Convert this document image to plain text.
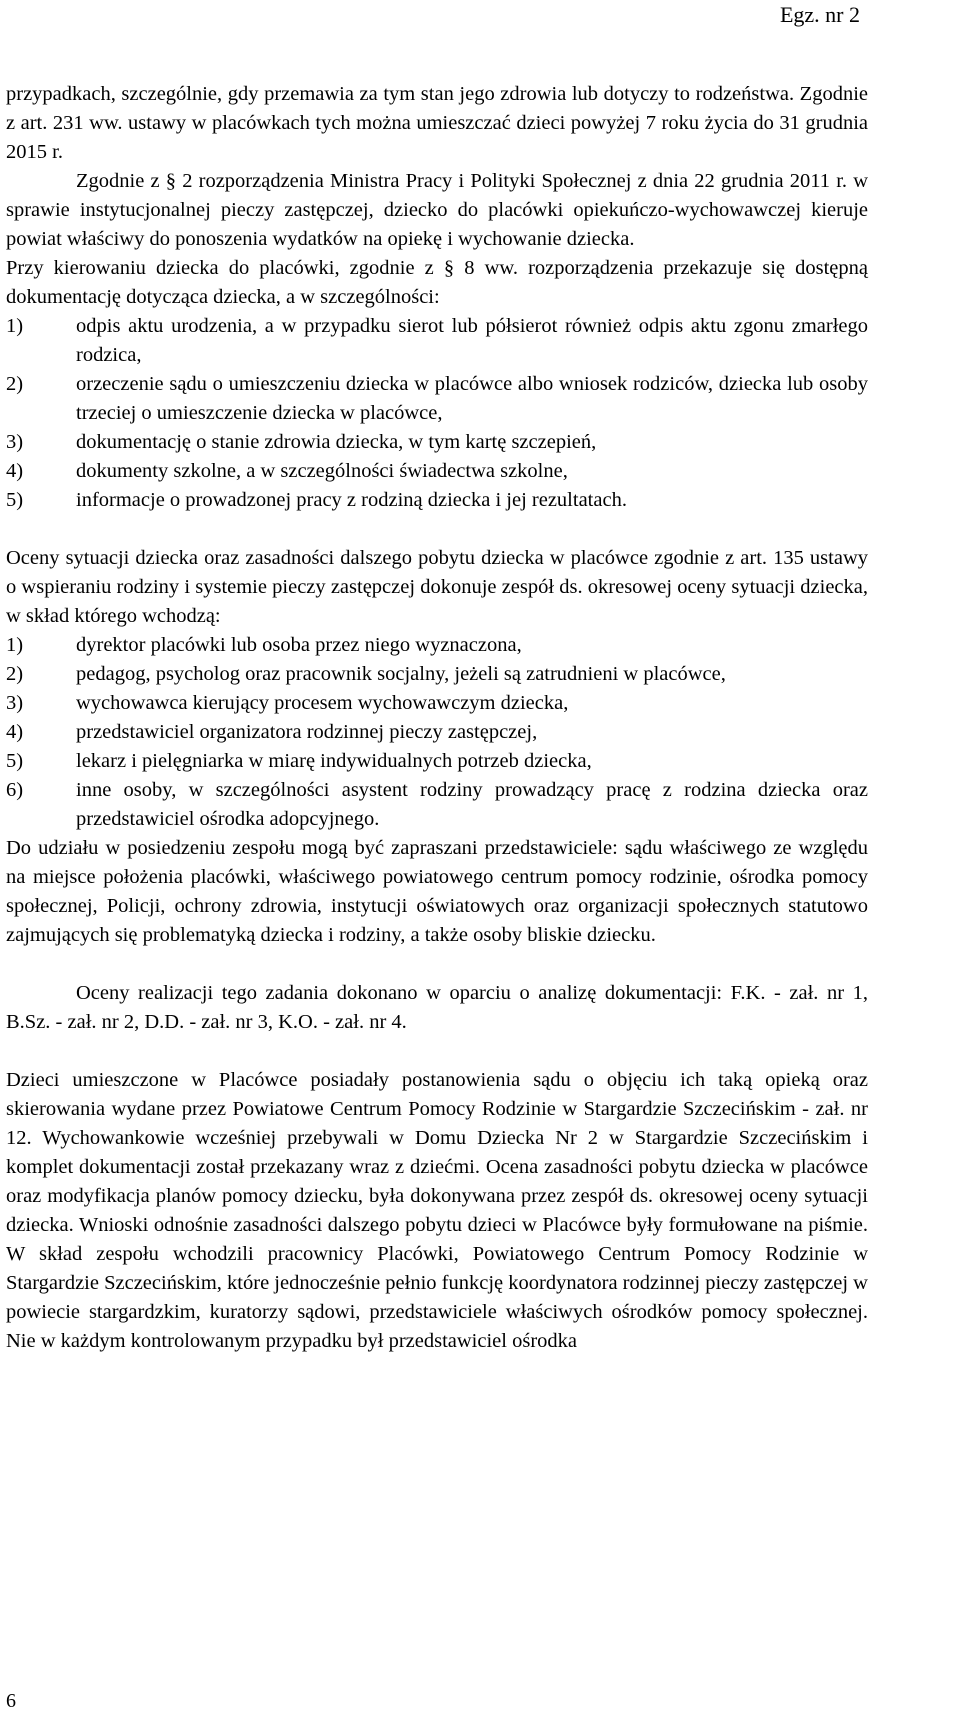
Egz. nr 2

przypadkach, szczególnie, gdy przemawia za tym stan jego zdrowia lub dotyczy to rodzeństwa. Zgodnie z art. 231 ww. ustawy w placówkach tych można umieszczać dzieci powyżej 7 roku życia do 31 grudnia 2015 r.

Zgodnie z § 2 rozporządzenia Ministra Pracy i Polityki Społecznej z dnia 22 grudnia 2011 r. w sprawie instytucjonalnej pieczy zastępczej, dziecko do placówki opiekuńczo-wychowawczej kieruje powiat właściwy do ponoszenia wydatków na opiekę i wychowanie dziecka.

Przy kierowaniu dziecka do placówki, zgodnie z § 8 ww. rozporządzenia przekazuje się dostępną dokumentację dotycząca dziecka, a w szczególności:

1)	odpis aktu urodzenia, a w przypadku sierot lub półsierot również odpis aktu zgonu zmarłego rodzica,
2)	orzeczenie sądu o umieszczeniu dziecka w placówce albo wniosek rodziców, dziecka lub osoby trzeciej o umieszczenie dziecka w placówce,
3)	dokumentację o stanie zdrowia dziecka, w tym kartę szczepień,
4)	dokumenty szkolne, a w szczególności świadectwa szkolne,
5)	informacje o prowadzonej pracy z rodziną dziecka i jej rezultatach.

Oceny sytuacji dziecka oraz zasadności dalszego pobytu dziecka w placówce zgodnie z art. 135 ustawy o wspieraniu rodziny i systemie pieczy zastępczej dokonuje zespół ds. okresowej oceny sytuacji dziecka, w skład którego wchodzą:

1)	dyrektor placówki lub osoba przez niego wyznaczona,
2)	pedagog, psycholog oraz pracownik socjalny, jeżeli są zatrudnieni w placówce,
3)	wychowawca kierujący procesem wychowawczym dziecka,
4)	przedstawiciel organizatora rodzinnej pieczy zastępczej,
5)	lekarz i pielęgniarka w miarę indywidualnych potrzeb dziecka,
6)	inne osoby, w szczególności asystent rodziny prowadzący pracę z rodzina dziecka oraz przedstawiciel ośrodka adopcyjnego.

Do udziału w posiedzeniu zespołu mogą być zapraszani przedstawiciele: sądu właściwego ze względu na miejsce położenia placówki, właściwego powiatowego centrum pomocy rodzinie, ośrodka pomocy społecznej, Policji, ochrony zdrowia, instytucji oświatowych oraz organizacji społecznych statutowo zajmujących się problematyką dziecka i rodziny, a także osoby bliskie dziecku.

Oceny realizacji tego zadania dokonano w oparciu o analizę dokumentacji: F.K. - zał. nr 1, B.Sz. - zał. nr 2, D.D. - zał. nr 3, K.O. - zał. nr 4.

Dzieci umieszczone w Placówce posiadały postanowienia sądu o objęciu ich taką opieką oraz skierowania wydane przez Powiatowe Centrum Pomocy Rodzinie w Stargardzie Szczecińskim - zał. nr 12. Wychowankowie wcześniej przebywali w Domu Dziecka Nr 2 w Stargardzie Szczecińskim i komplet dokumentacji został przekazany wraz z dziećmi. Ocena zasadności pobytu dziecka w placówce oraz modyfikacja planów pomocy dziecku, była dokonywana przez zespół ds. okresowej oceny sytuacji dziecka. Wnioski odnośnie zasadności dalszego pobytu dzieci w Placówce były formułowane na piśmie. W skład zespołu wchodzili pracownicy Placówki, Powiatowego Centrum Pomocy Rodzinie w Stargardzie Szczecińskim, które jednocześnie pełnio funkcję koordynatora rodzinnej pieczy zastępczej w powiecie stargardzkim, kuratorzy sądowi, przedstawiciele właściwych ośrodków pomocy społecznej. Nie w każdym kontrolowanym przypadku był przedstawiciel ośrodka

6
